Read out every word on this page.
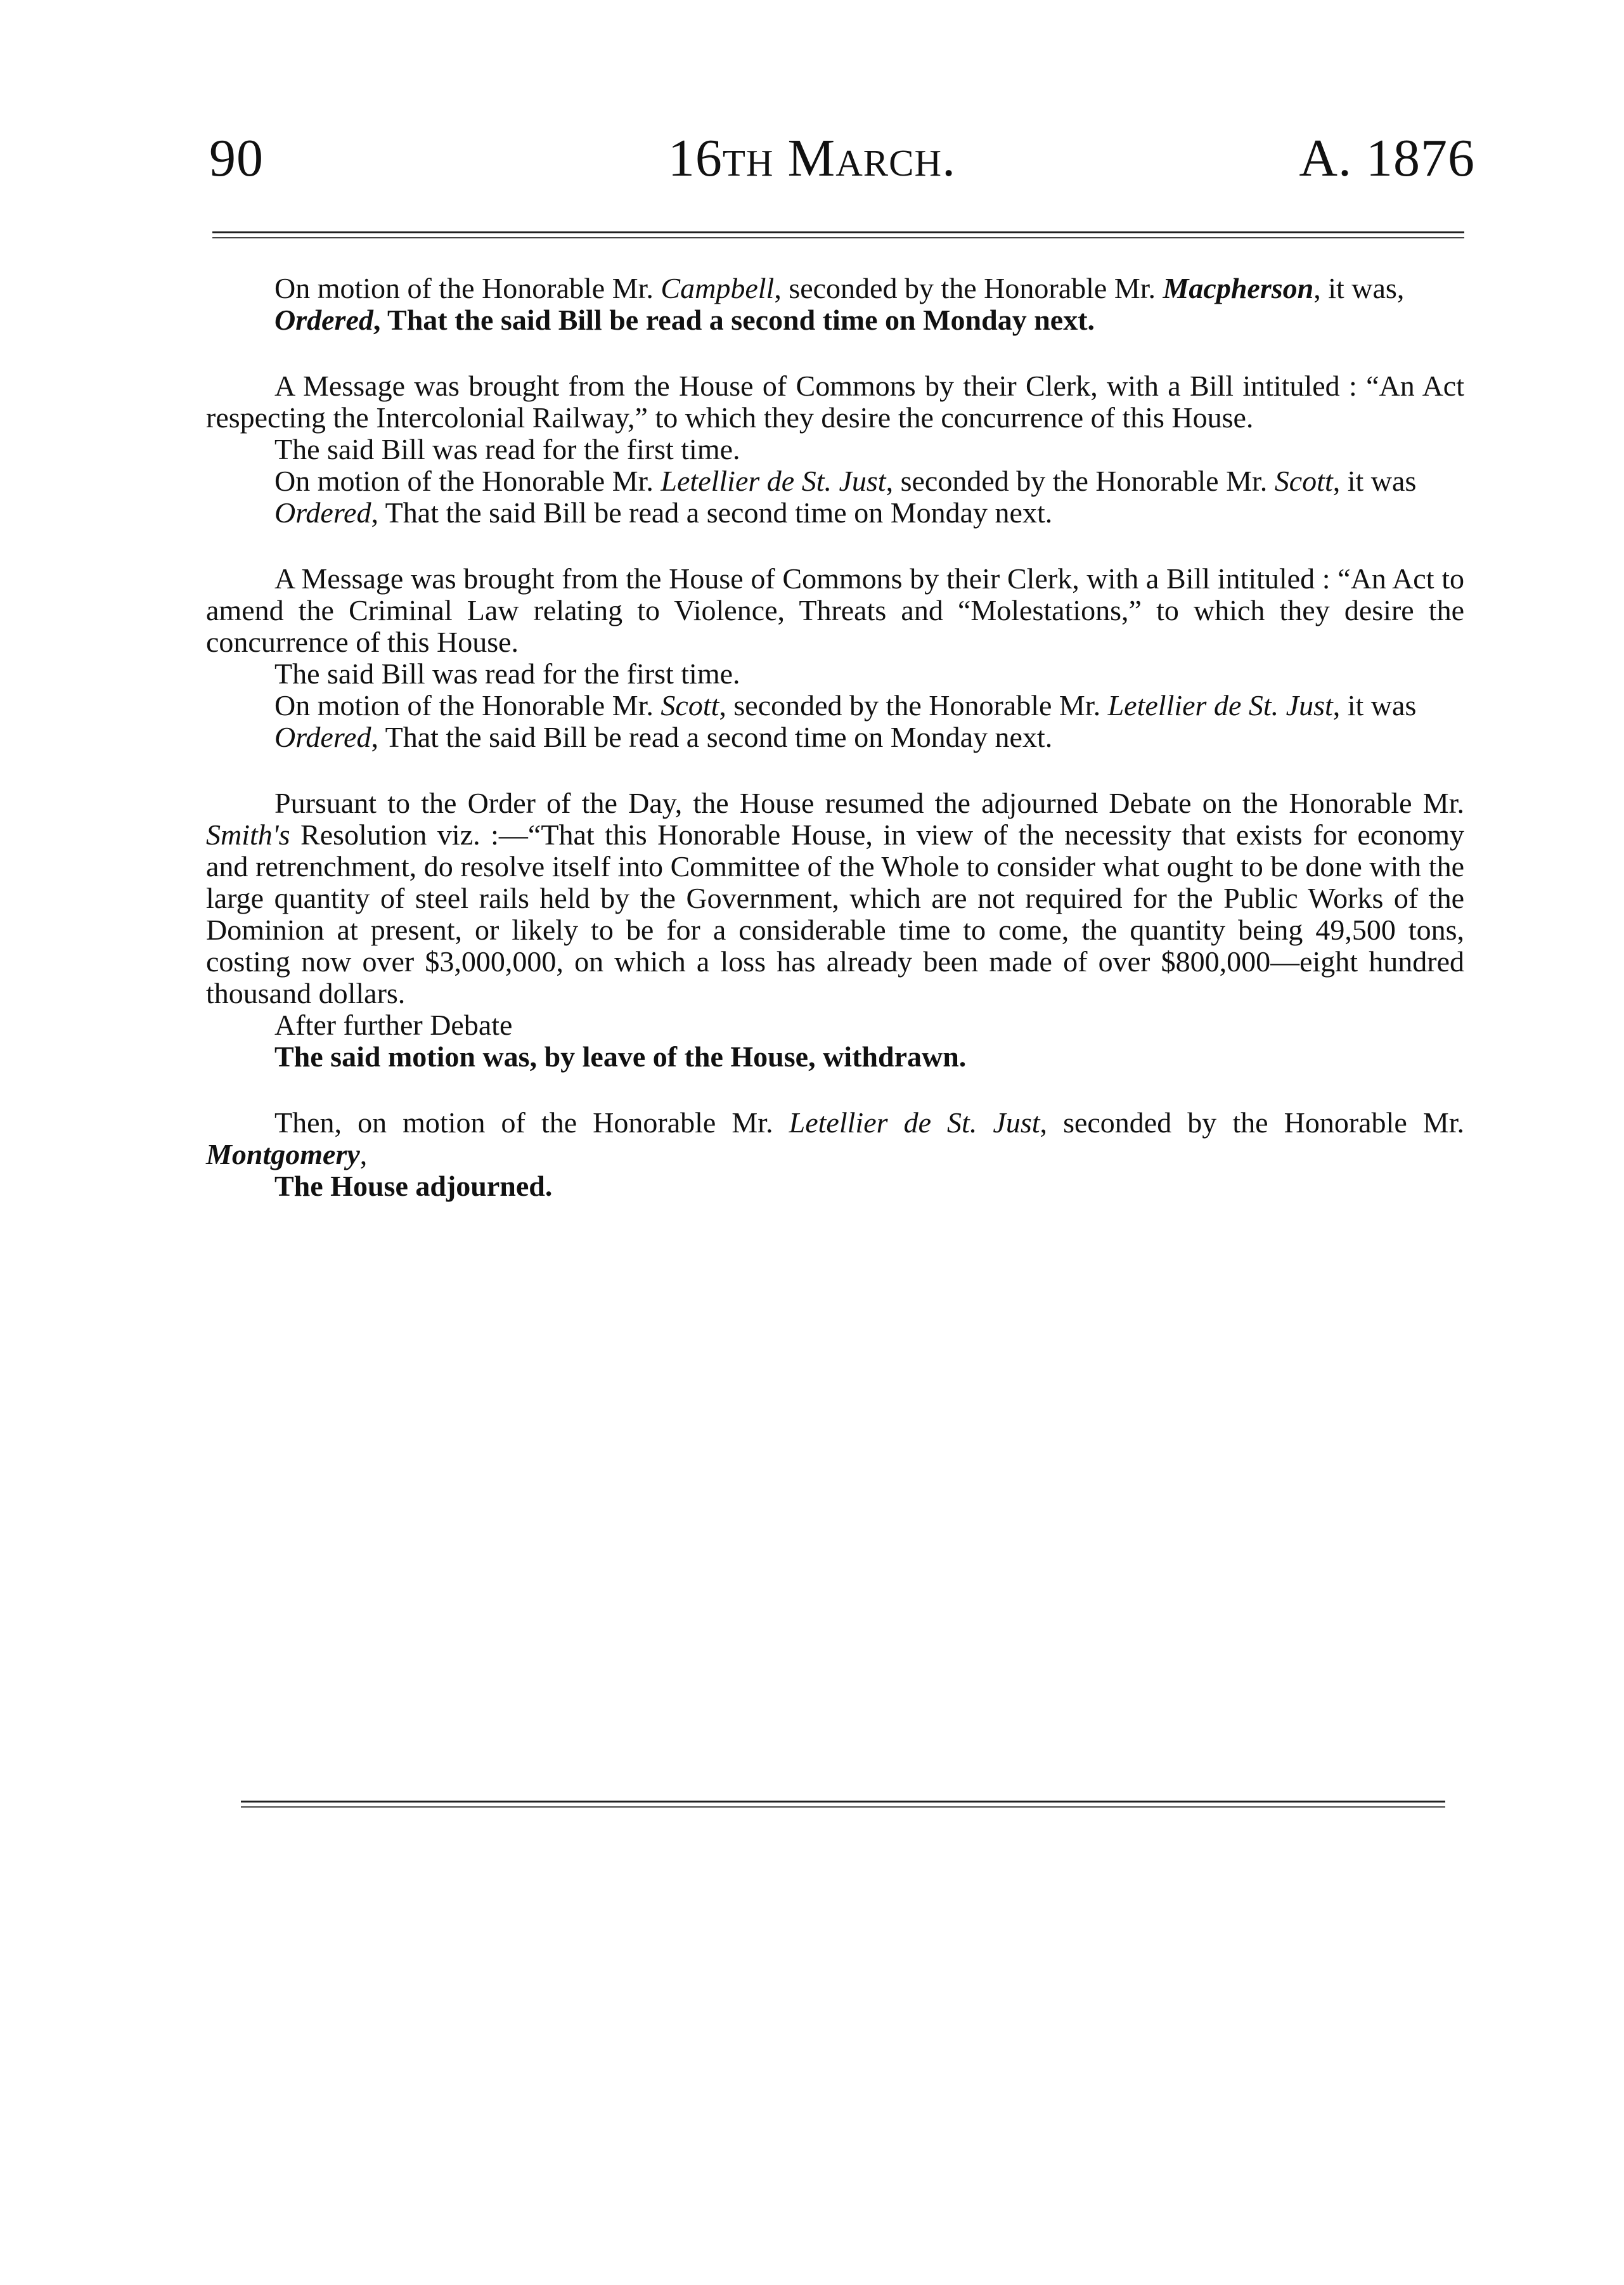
90	16th March.	A. 1876

On motion of the Honorable Mr. Campbell, seconded by the Honorable Mr. Macpherson, it was,

Ordered, That the said Bill be read a second time on Monday next.

A Message was brought from the House of Commons by their Clerk, with a Bill intituled : “An Act respecting the Intercolonial Railway,” to which they desire the concurrence of this House.

The said Bill was read for the first time.

On motion of the Honorable Mr. Letellier de St. Just, seconded by the Honorable Mr. Scott, it was

Ordered, That the said Bill be read a second time on Monday next.

A Message was brought from the House of Commons by their Clerk, with a Bill intituled : “An Act to amend the Criminal Law relating to Violence, Threats and “Molestations,” to which they desire the concurrence of this House.

The said Bill was read for the first time.

On motion of the Honorable Mr. Scott, seconded by the Honorable Mr. Letellier de St. Just, it was

Ordered, That the said Bill be read a second time on Monday next.

Pursuant to the Order of the Day, the House resumed the adjourned Debate on the Honorable Mr. Smith's Resolution viz. :—“That this Honorable House, in view of the necessity that exists for economy and retrenchment, do resolve itself into Committee of the Whole to consider what ought to be done with the large quantity of steel rails held by the Government, which are not required for the Public Works of the Dominion at present, or likely to be for a considerable time to come, the quantity being 49,500 tons, costing now over $3,000,000, on which a loss has already been made of over $800,000—eight hundred thousand dollars.

After further Debate

The said motion was, by leave of the House, withdrawn.

Then, on motion of the Honorable Mr. Letellier de St. Just, seconded by the Honorable Mr. Montgomery,

The House adjourned.
